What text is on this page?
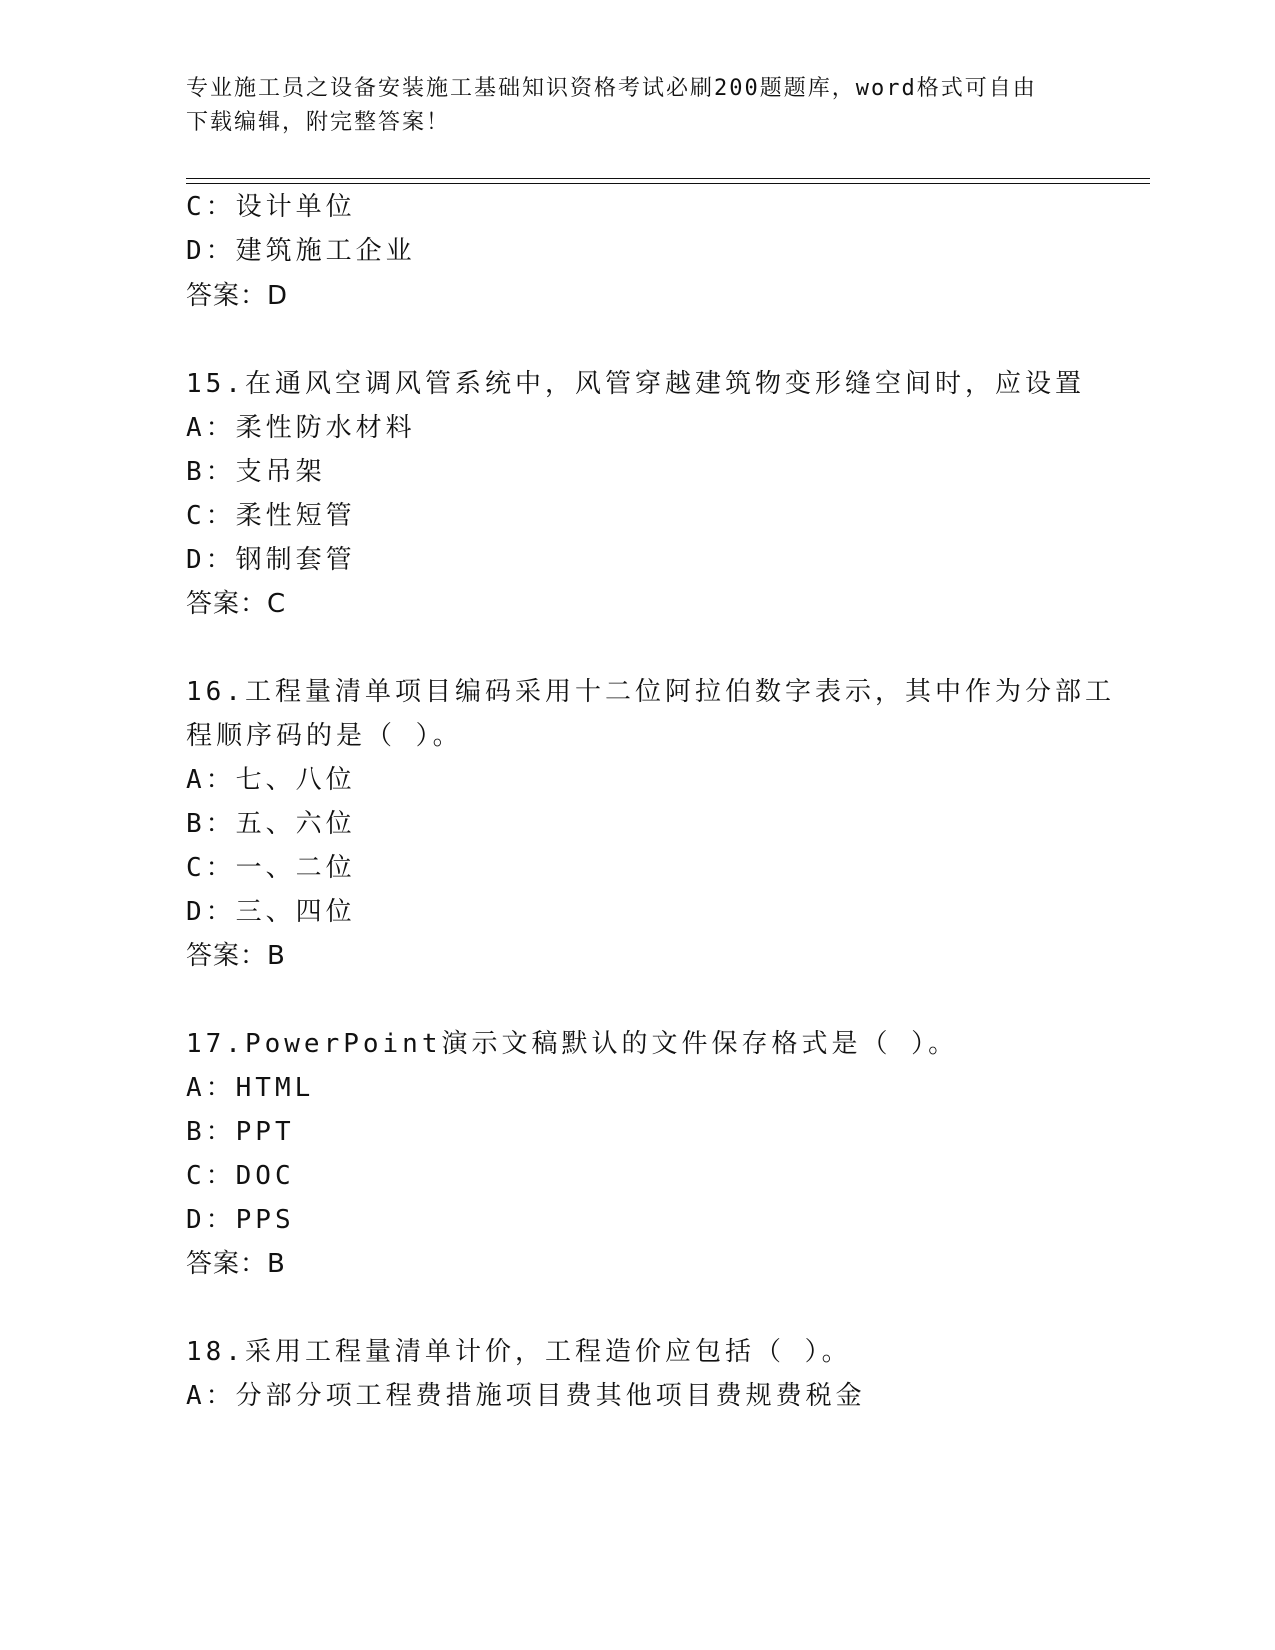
专业施工员之设备安装施工基础知识资格考试必刷200题题库，word格式可自由
下载编辑，附完整答案！
C：设计单位
D：建筑施工企业
答案：D
15.在通风空调风管系统中，风管穿越建筑物变形缝空间时，应设置
A：柔性防水材料
B：支吊架
C：柔性短管
D：钢制套管
答案：C
16.工程量清单项目编码采用十二位阿拉伯数字表示，其中作为分部工
程顺序码的是（ ）。
A：七、八位
B：五、六位
C：一、二位
D：三、四位
答案：B
17.PowerPoint演示文稿默认的文件保存格式是（ ）。
A：HTML
B：PPT
C：DOC
D：PPS
答案：B
18.采用工程量清单计价，工程造价应包括（ ）。
A：分部分项工程费措施项目费其他项目费规费税金
